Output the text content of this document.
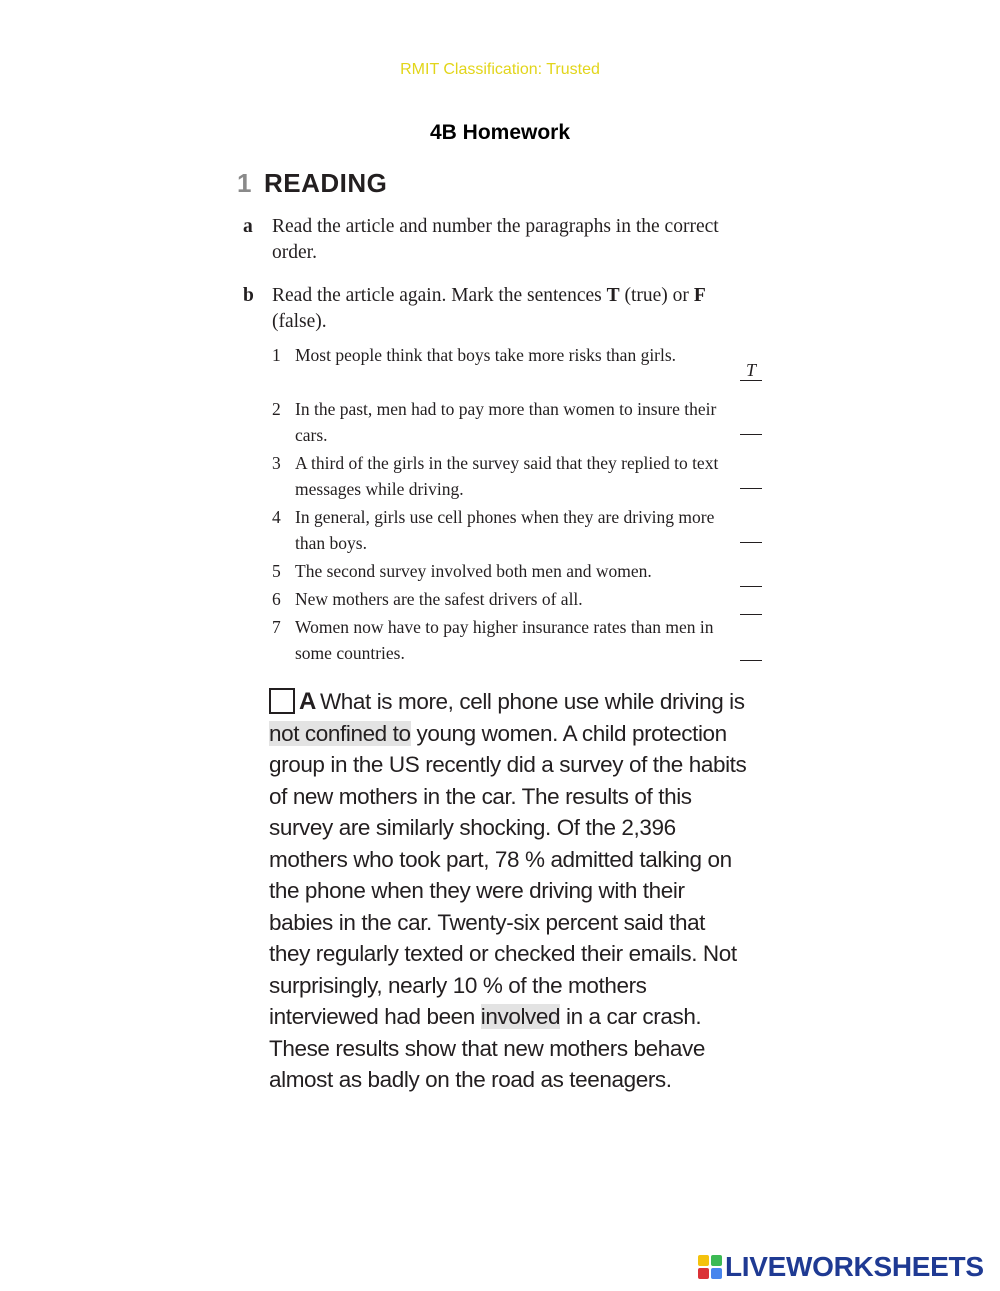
RMIT Classification: Trusted
4B Homework
1 READING
a Read the article and number the paragraphs in the correct order.
b Read the article again. Mark the sentences T (true) or F (false).
1 Most people think that boys take more risks than girls.
T
2 In the past, men had to pay more than women to insure their cars.
3 A third of the girls in the survey said that they replied to text messages while driving.
4 In general, girls use cell phones when they are driving more than boys.
5 The second survey involved both men and women.
6 New mothers are the safest drivers of all.
7 Women now have to pay higher insurance rates than men in some countries.
A What is more, cell phone use while driving is not confined to young women. A child protection group in the US recently did a survey of the habits of new mothers in the car. The results of this survey are similarly shocking. Of the 2,396 mothers who took part, 78 % admitted talking on the phone when they were driving with their babies in the car. Twenty-six percent said that they regularly texted or checked their emails. Not surprisingly, nearly 10 % of the mothers interviewed had been involved in a car crash. These results show that new mothers behave almost as badly on the road as teenagers.
LIVEWORKSHEETS
